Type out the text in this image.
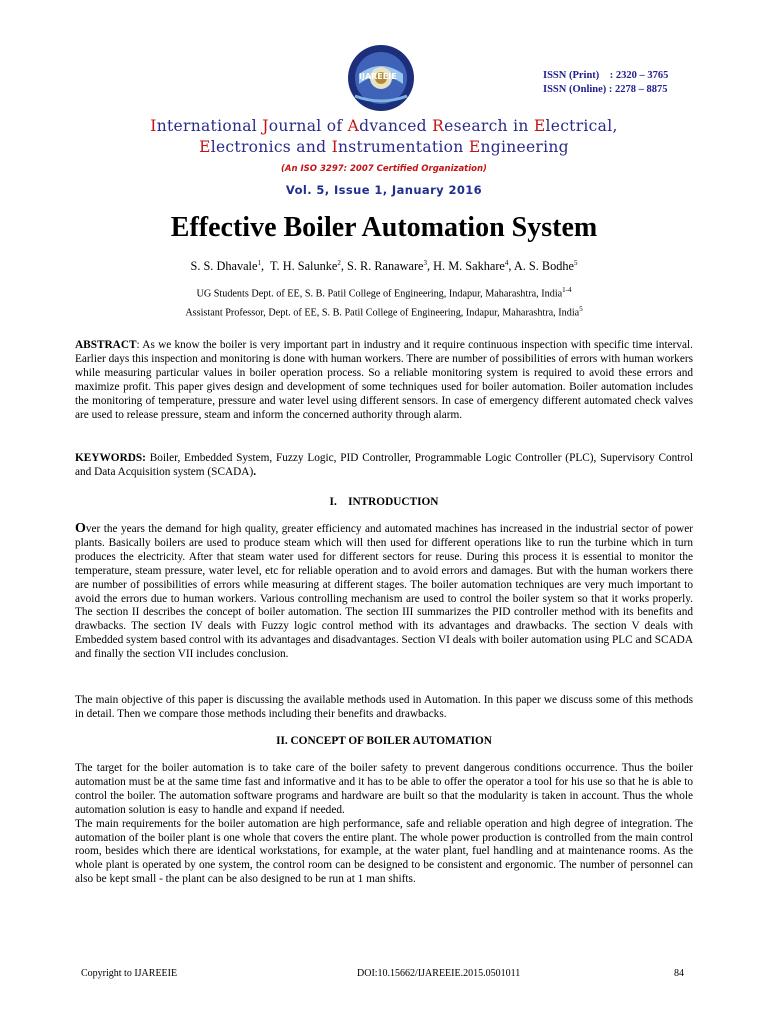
IJAREEIE	ISSN (Print)    : 2320 – 3765
ISSN (Online) : 2278 – 8875
International Journal of Advanced Research in Electrical,
Electronics and Instrumentation Engineering
(An ISO 3297: 2007 Certified Organization)
Vol. 5, Issue 1, January 2016
Effective Boiler Automation System
S. S. Dhavale$^1$,  T. H. Salunke$^2$, S. R. Ranaware$^3$, H. M. Sakhare$^4$, A. S. Bodhe$^5$
UG Students Dept. of EE, S. B. Patil College of Engineering, Indapur, Maharashtra, India$^{1-4}$
Assistant Professor, Dept. of EE, S. B. Patil College of Engineering, Indapur, Maharashtra, India$^5$

ABSTRACT: As we know the boiler is very important part in industry and it require continuous inspection with specific time interval. Earlier days this inspection and monitoring is done with human workers. There are number of possibilities of errors with human workers while measuring particular values in boiler operation process. So a reliable monitoring system is required to avoid these errors and maximize profit. This paper gives design and development of some techniques used for boiler automation. Boiler automation includes the monitoring of temperature, pressure and water level using different sensors. In case of emergency different automated check valves are used to release pressure, steam and inform the concerned authority through alarm.

KEYWORDS: Boiler, Embedded System, Fuzzy Logic, PID Controller, Programmable Logic Controller (PLC), Supervisory Control and Data Acquisition system (SCADA).

I.    INTRODUCTION

Over the years the demand for high quality, greater efficiency and automated machines has increased in the industrial sector of power plants. Basically boilers are used to produce steam which will then used for different operations like to run the turbine which in turn produces the electricity. After that steam water used for different sectors for reuse. During this process it is essential to monitor the temperature, steam pressure, water level, etc for reliable operation and to avoid errors and damages. But with the human workers there are number of possibilities of errors while measuring at different stages. The boiler automation techniques are very much important to avoid the errors due to human workers. Various controlling mechanism are used to control the boiler system so that it works properly. The section II describes the concept of boiler automation. The section III summarizes the PID controller method with its benefits and drawbacks. The section IV deals with Fuzzy logic control method with its advantages and drawbacks. The section V deals with Embedded system based control with its advantages and disadvantages. Section VI deals with boiler automation using PLC and SCADA and finally the section VII includes conclusion.

The main objective of this paper is discussing the available methods used in Automation. In this paper we discuss some of this methods in detail. Then we compare those methods including their benefits and drawbacks.

II. CONCEPT OF BOILER AUTOMATION

The target for the boiler automation is to take care of the boiler safety to prevent dangerous conditions occurrence. Thus the boiler automation must be at the same time fast and informative and it has to be able to offer the operator a tool for his use so that he is able to control the boiler. The automation software programs and hardware are built so that the modularity is taken in account. Thus the whole automation solution is easy to handle and expand if needed.

The main requirements for the boiler automation are high performance, safe and reliable operation and high degree of integration. The automation of the boiler plant is one whole that covers the entire plant. The whole power production is controlled from the main control room, besides which there are identical workstations, for example, at the water plant, fuel handling and at maintenance rooms. As the whole plant is operated by one system, the control room can be designed to be consistent and ergonomic. The number of personnel can also be kept small - the plant can be also designed to be run at 1 man shifts.

Copyright to IJAREEIE	DOI:10.15662/IJAREEIE.2015.0501011	84
